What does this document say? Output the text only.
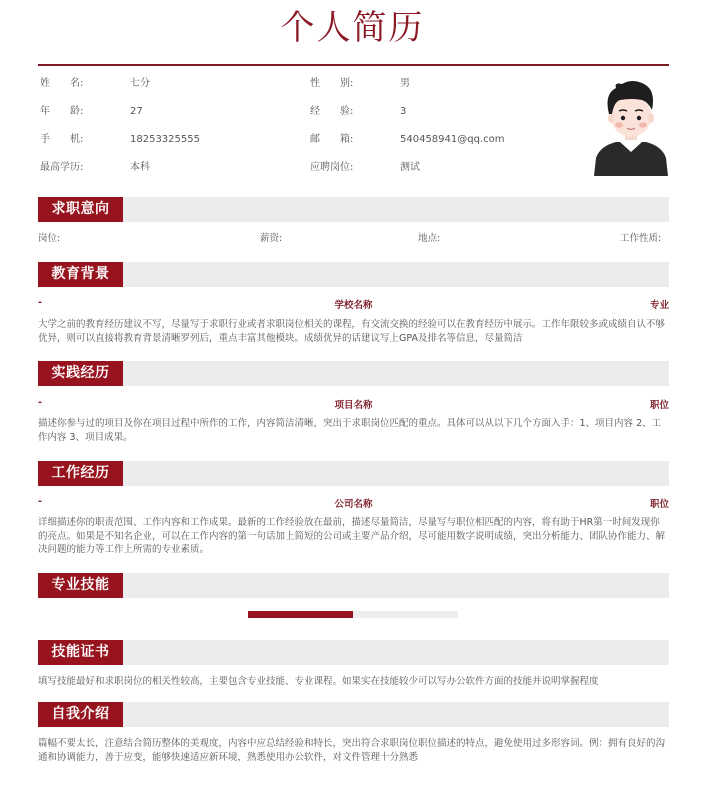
个人简历
姓　　名:	七分	性　　别:	男
年　　龄:	27	经　　验:	3
手　　机:	18253325555	邮　　箱:	540458941@qq.com
最高学历:	本科	应聘岗位:	测试
求职意向
岗位:	薪资:	地点:	工作性质:
教育背景
-	学校名称	专业
大学之前的教育经历建议不写，尽量写于求职行业或者求职岗位相关的课程，有交流交换的经验可以在教育经历中展示。工作年限较多或成绩自认不够优异，则可以直接将教育背景清晰罗列后，重点丰富其他模块。成绩优异的话建议写上GPA及排名等信息，尽量简洁
实践经历
-	项目名称	职位
描述你参与过的项目及你在项目过程中所作的工作，内容简洁清晰，突出于求职岗位匹配的重点。具体可以从以下几个方面入手：1、项目内容 2、工作内容 3、项目成果。
工作经历
-	公司名称	职位
详细描述你的职责范围、工作内容和工作成果。最新的工作经验放在最前，描述尽量简洁，尽量写与职位相匹配的内容，将有助于HR第一时间发现你的亮点。如果是不知名企业，可以在工作内容的第一句话加上简短的公司或主要产品介绍，尽可能用数字说明成绩，突出分析能力、团队协作能力、解决问题的能力等工作上所需的专业素质。
专业技能
技能证书
填写技能最好和求职岗位的相关性较高，主要包含专业技能、专业课程。如果实在技能较少可以写办公软件方面的技能并说明掌握程度
自我介绍
篇幅不要太长，注意结合简历整体的美观度，内容中应总结经验和特长，突出符合求职岗位职位描述的特点，避免使用过多形容词。例：拥有良好的沟通和协调能力，善于应变，能够快速适应新环境，熟悉使用办公软件，对文件管理十分熟悉
